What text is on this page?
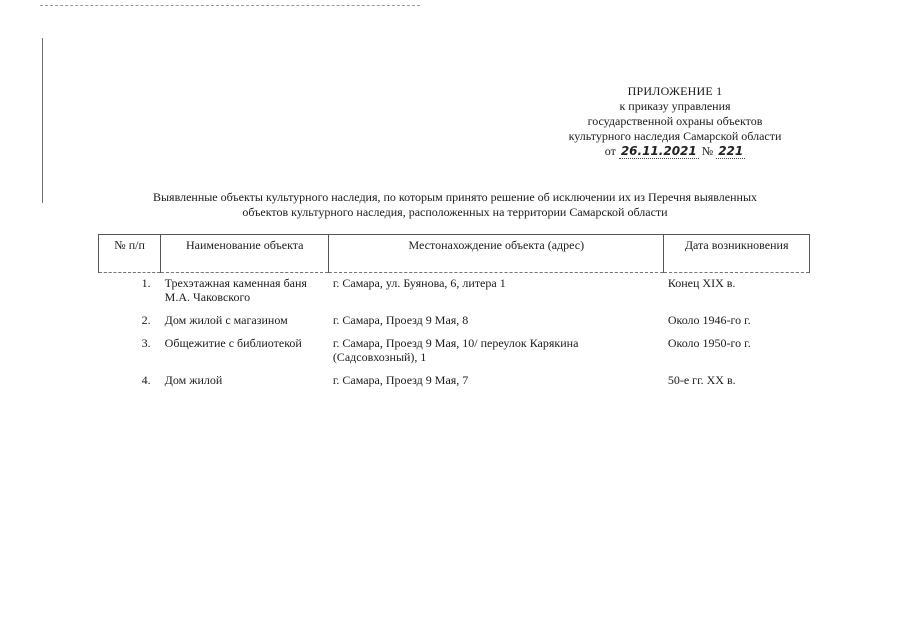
ПРИЛОЖЕНИЕ 1
к приказу управления
государственной охраны объектов
культурного наследия Самарской области
от 26.11.2021 № 221
Выявленные объекты культурного наследия, по которым принято решение об исключении их из Перечня выявленных
объектов культурного наследия, расположенных на территории Самарской области
№ п/п	Наименование объекта	Местонахождение объекта (адрес)	Дата возникновения
1.	Трехэтажная каменная баня М.А. Чаковского	г. Самара, ул. Буянова, 6, литера 1	Конец XIX в.
2.	Дом жилой с магазином	г. Самара, Проезд 9 Мая, 8	Около 1946-го г.
3.	Общежитие с библиотекой	г. Самара, Проезд 9 Мая, 10/ переулок Карякина (Садсовхозный), 1	Около 1950-го г.
4.	Дом жилой	г. Самара, Проезд 9 Мая, 7	50-е гг. XX в.
